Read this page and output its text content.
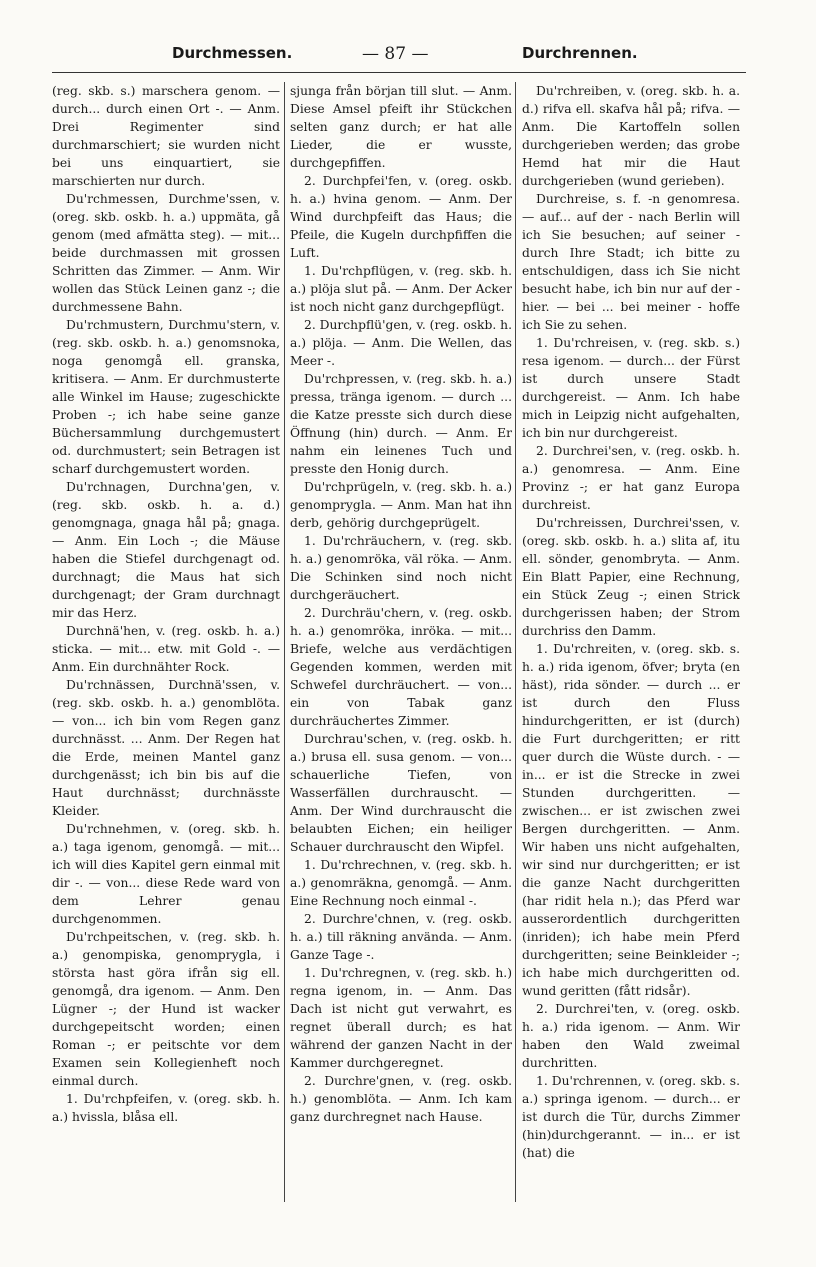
Durchmessen.	— 87 —	Durchrennen.

(reg. skb. s.) marschera genom. — durch... durch einen Ort -. — Anm. Drei Regimenter sind durchmarschiert; sie wurden nicht bei uns einquartiert, sie marschierten nur durch.

Du'rchmessen, Durchme'ssen, v. (oreg. skb. oskb. h. a.) uppmäta, gå genom (med afmätta steg). — mit... beide durchmassen mit grossen Schritten das Zimmer. — Anm. Wir wollen das Stück Leinen ganz -; die durchmessene Bahn.

Du'rchmustern, Durchmu'stern, v. (reg. skb. oskb. h. a.) genomsnoka, noga genomgå ell. granska, kritisera. — Anm. Er durchmusterte alle Winkel im Hause; zugeschickte Proben -; ich habe seine ganze Büchersammlung durchgemustert od. durchmustert; sein Betragen ist scharf durchgemustert worden.

Du'rchnagen, Durchna'gen, v. (reg. skb. oskb. h. a. d.) genomgnaga, gnaga hål på; gnaga. — Anm. Ein Loch -; die Mäuse haben die Stiefel durchgenagt od. durchnagt; die Maus hat sich durchgenagt; der Gram durchnagt mir das Herz.

Durchnä'hen, v. (reg. oskb. h. a.) sticka. — mit... etw. mit Gold -. — Anm. Ein durchnähter Rock.

Du'rchnässen, Durchnä'ssen, v. (reg. skb. oskb. h. a.) genomblöta. — von... ich bin vom Regen ganz durchnässt. ... Anm. Der Regen hat die Erde, meinen Mantel ganz durchgenässt; ich bin bis auf die Haut durchnässt; durchnässte Kleider.

Du'rchnehmen, v. (oreg. skb. h. a.) taga igenom, genomgå. — mit... ich will dies Kapitel gern einmal mit dir -. — von... diese Rede ward von dem Lehrer genau durchgenommen.

Du'rchpeitschen, v. (reg. skb. h. a.) genompiska, genomprygla, i största hast göra ifrån sig ell. genomgå, dra igenom. — Anm. Den Lügner -; der Hund ist wacker durchgepeitscht worden; einen Roman -; er peitschte vor dem Examen sein Kollegienheft noch einmal durch.

1. Du'rchpfeifen, v. (oreg. skb. h. a.) hvissla, blåsa ell.

sjunga från början till slut. — Anm. Diese Amsel pfeift ihr Stückchen selten ganz durch; er hat alle Lieder, die er wusste, durchgepfiffen.

2. Durchpfei'fen, v. (oreg. oskb. h. a.) hvina genom. — Anm. Der Wind durchpfeift das Haus; die Pfeile, die Kugeln durchpfiffen die Luft.

1. Du'rchpflügen, v. (reg. skb. h. a.) plöja slut på. — Anm. Der Acker ist noch nicht ganz durchgepflügt.

2. Durchpflü'gen, v. (reg. oskb. h. a.) plöja. — Anm. Die Wellen, das Meer -.

Du'rchpressen, v. (reg. skb. h. a.) pressa, tränga igenom. — durch ... die Katze presste sich durch diese Öffnung (hin) durch. — Anm. Er nahm ein leinenes Tuch und presste den Honig durch.

Du'rchprügeln, v. (reg. skb. h. a.) genomprygla. — Anm. Man hat ihn derb, gehörig durchgeprügelt.

1. Du'rchräuchern, v. (reg. skb. h. a.) genomröka, väl röka. — Anm. Die Schinken sind noch nicht durchgeräuchert.

2. Durchräu'chern, v. (reg. oskb. h. a.) genomröka, inröka. — mit... Briefe, welche aus verdächtigen Gegenden kommen, werden mit Schwefel durchräuchert. — von... ein von Tabak ganz durchräuchertes Zimmer.

Durchrau'schen, v. (reg. oskb. h. a.) brusa ell. susa genom. — von... schauerliche Tiefen, von Wasserfällen durchrauscht. — Anm. Der Wind durchrauscht die belaubten Eichen; ein heiliger Schauer durchrauscht den Wipfel.

1. Du'rchrechnen, v. (reg. skb. h. a.) genomräkna, genomgå. — Anm. Eine Rechnung noch einmal -.

2. Durchre'chnen, v. (reg. oskb. h. a.) till räkning använda. — Anm. Ganze Tage -.

1. Du'rchregnen, v. (reg. skb. h.) regna igenom, in. — Anm. Das Dach ist nicht gut verwahrt, es regnet überall durch; es hat während der ganzen Nacht in der Kammer durchgeregnet.

2. Durchre'gnen, v. (reg. oskb. h.) genomblöta. — Anm. Ich kam ganz durchregnet nach Hause.

Du'rchreiben, v. (oreg. skb. h. a. d.) rifva ell. skafva hål på; rifva. — Anm. Die Kartoffeln sollen durchgerieben werden; das grobe Hemd hat mir die Haut durchgerieben (wund gerieben).

Durchreise, s. f. -n genomresa. — auf... auf der - nach Berlin will ich Sie besuchen; auf seiner - durch Ihre Stadt; ich bitte zu entschuldigen, dass ich Sie nicht besucht habe, ich bin nur auf der - hier. — bei ... bei meiner - hoffe ich Sie zu sehen.

1. Du'rchreisen, v. (reg. skb. s.) resa igenom. — durch... der Fürst ist durch unsere Stadt durchgereist. — Anm. Ich habe mich in Leipzig nicht aufgehalten, ich bin nur durchgereist.

2. Durchrei'sen, v. (reg. oskb. h. a.) genomresa. — Anm. Eine Provinz -; er hat ganz Europa durchreist.

Du'rchreissen, Durchrei'ssen, v. (oreg. skb. oskb. h. a.) slita af, itu ell. sönder, genombryta. — Anm. Ein Blatt Papier, eine Rechnung, ein Stück Zeug -; einen Strick durchgerissen haben; der Strom durchriss den Damm.

1. Du'rchreiten, v. (oreg. skb. s. h. a.) rida igenom, öfver; bryta (en häst), rida sönder. — durch ... er ist durch den Fluss hindurchgeritten, er ist (durch) die Furt durchgeritten; er ritt quer durch die Wüste durch. - — in... er ist die Strecke in zwei Stunden durchgeritten. — zwischen... er ist zwischen zwei Bergen durchgeritten. — Anm. Wir haben uns nicht aufgehalten, wir sind nur durchgeritten; er ist die ganze Nacht durchgeritten (har ridit hela n.); das Pferd war ausserordentlich durchgeritten (inriden); ich habe mein Pferd durchgeritten; seine Beinkleider -; ich habe mich durchgeritten od. wund geritten (fått ridsår).

2. Durchrei'ten, v. (oreg. oskb. h. a.) rida igenom. — Anm. Wir haben den Wald zweimal durchritten.

1. Du'rchrennen, v. (oreg. skb. s. a.) springa igenom. — durch... er ist durch die Tür, durchs Zimmer (hin)durchgerannt. — in... er ist (hat) die
